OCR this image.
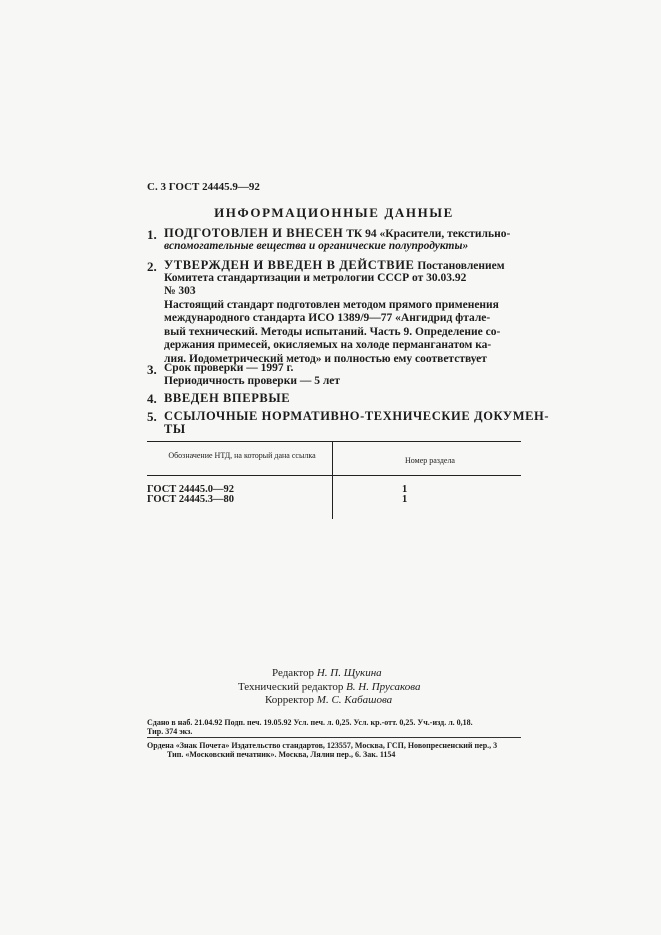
С. 3 ГОСТ 24445.9—92
ИНФОРМАЦИОННЫЕ ДАННЫЕ
1. ПОДГОТОВЛЕН И ВНЕСЕН ТК 94 «Красители, текстильно-
вспомогательные вещества и органические полупродукты»
2. УТВЕРЖДЕН И ВВЕДЕН В ДЕЙСТВИЕ Постановлением
Комитета стандартизации и метрологии СССР от 30.03.92
№ 303
Настоящий стандарт подготовлен методом прямого применения
международного стандарта ИСО 1389/9—77 «Ангидрид фтале-
вый технический. Методы испытаний. Часть 9. Определение со-
держания примесей, окисляемых на холоде перманганатом ка-
лия. Иодометрический метод» и полностью ему соответствует
3. Срок проверки — 1997 г.
Периодичность проверки — 5 лет
4. ВВЕДЕН ВПЕРВЫЕ
5. ССЫЛОЧНЫЕ НОРМАТИВНО-ТЕХНИЧЕСКИЕ ДОКУМЕН-
ТЫ
Обозначение НТД, на который дана ссылка
Номер раздела
ГОСТ 24445.0—92	1
ГОСТ 24445.3—80	1
Редактор Н. П. Щукина
Технический редактор В. Н. Прусакова
Корректор М. С. Кабашова
Сдано в наб. 21.04.92 Подп. печ. 19.05.92 Усл. печ. л. 0,25. Усл. кр.-отт. 0,25. Уч.-изд. л. 0,18.
Тир. 374 экз.
Ордена «Знак Почета» Издательство стандартов, 123557, Москва, ГСП, Новопресненский пер., 3
Тип. «Московский печатник». Москва, Лялин пер., 6. Зак. 1154
